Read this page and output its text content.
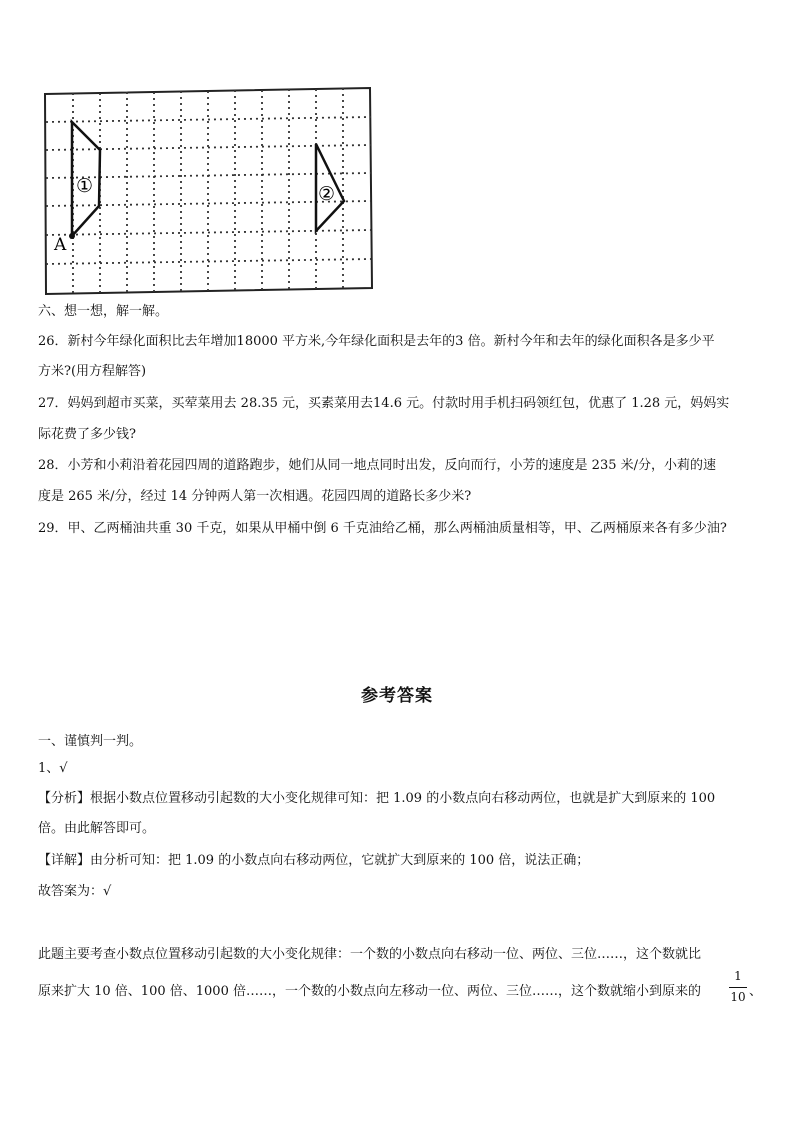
A
①	②
六、想一想，解一解。
26．新村今年绿化面积比去年增加18000 平方米,今年绿化面积是去年的3 倍。新村今年和去年的绿化面积各是多少平
方米?(用方程解答)
27．妈妈到超市买菜，买荤菜用去 28.35 元，买素菜用去14.6 元。付款时用手机扫码领红包，优惠了 1.28 元，妈妈实
际花费了多少钱?
28．小芳和小莉沿着花园四周的道路跑步，她们从同一地点同时出发，反向而行，小芳的速度是 235 米/分，小莉的速
度是 265 米/分，经过 14 分钟两人第一次相遇。花园四周的道路长多少米?
29．甲、乙两桶油共重 30 千克，如果从甲桶中倒 6 千克油给乙桶，那么两桶油质量相等，甲、乙两桶原来各有多少油?
参考答案
一、谨慎判一判。
1、√
【分析】根据小数点位置移动引起数的大小变化规律可知：把 1.09 的小数点向右移动两位，也就是扩大到原来的 100
倍。由此解答即可。
【详解】由分析可知：把 1.09 的小数点向右移动两位，它就扩大到原来的 100 倍，说法正确；
故答案为：√
此题主要考查小数点位置移动引起数的大小变化规律：一个数的小数点向右移动一位、两位、三位……，这个数就比
原来扩大 10 倍、100 倍、1000 倍……，一个数的小数点向左移动一位、两位、三位……，这个数就缩小到原来的
1
10 、
